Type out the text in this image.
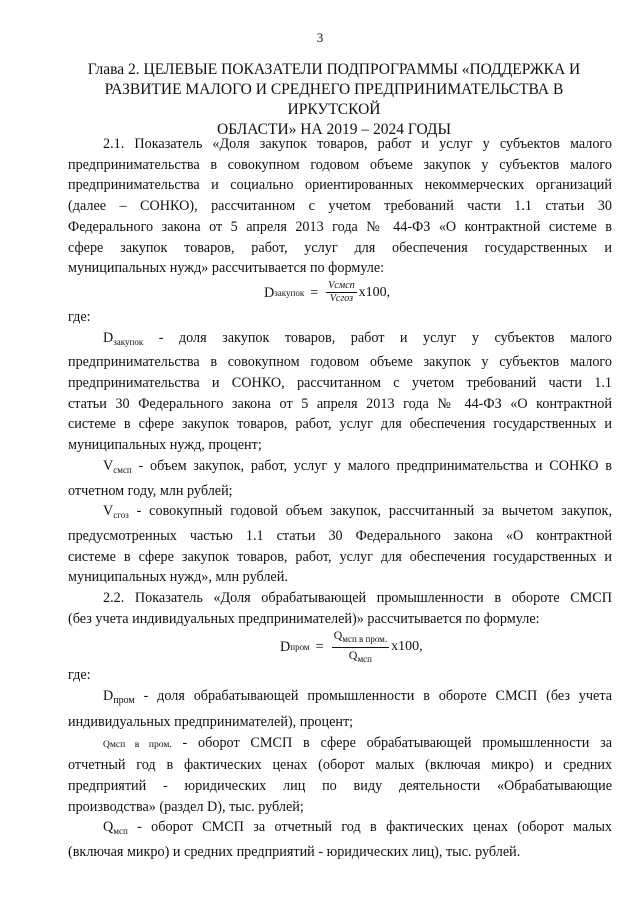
3
Глава 2. ЦЕЛЕВЫЕ ПОКАЗАТЕЛИ ПОДПРОГРАММЫ «ПОДДЕРЖКА И
РАЗВИТИЕ МАЛОГО И СРЕДНЕГО ПРЕДПРИНИМАТЕЛЬСТВА В ИРКУТСКОЙ
ОБЛАСТИ» НА 2019 – 2024 ГОДЫ

2.1. Показатель «Доля закупок товаров, работ и услуг у субъектов малого
предпринимательства в совокупном годовом объеме закупок у субъектов малого
предпринимательства и социально ориентированных некоммерческих организаций
(далее – СОНКО), рассчитанном с учетом требований части 1.1 статьи 30
Федерального закона от 5 апреля 2013 года № 44-ФЗ «О контрактной системе в
сфере закупок товаров, работ, услуг для обеспечения государственных и
муниципальных нужд» рассчитывается по формуле:

D закупок = $\frac{\text{Vсмсп}}{\text{Vсгоз}} x100$,

где:

$D_{закупок}$ - доля закупок товаров, работ и услуг у субъектов малого
предпринимательства в совокупном годовом объеме закупок у субъектов малого
предпринимательства и СОНКО, рассчитанном с учетом требований части 1.1
статьи 30 Федерального закона от 5 апреля 2013 года № 44-ФЗ «О контрактной
системе в сфере закупок товаров, работ, услуг для обеспечения государственных и
муниципальных нужд, процент;

$V_{смсп}$ - объем закупок, работ, услуг у малого предпринимательства и СОНКО в
отчетном году, млн рублей;

$V_{сгоз}$ - совокупный годовой объем закупок, рассчитанный за вычетом закупок,
предусмотренных частью 1.1 статьи 30 Федерального закона «О контрактной
системе в сфере закупок товаров, работ, услуг для обеспечения государственных и
муниципальных нужд», млн рублей.

2.2. Показатель «Доля обрабатывающей промышленности в обороте СМСП
(без учета индивидуальных предпринимателей)» рассчитывается по формуле:

D пром = $\frac{Q_{мсп в пром.}}{Q_{мсп}} x100$,

где:

$D_{пром}$ - доля обрабатывающей промышленности в обороте СМСП (без учета
индивидуальных предпринимателей), процент;

Qмсп в пром. - оборот СМСП в сфере обрабатывающей промышленности за
отчетный год в фактических ценах (оборот малых (включая микро) и средних
предприятий - юридических лиц по виду деятельности «Обрабатывающие
производства» (раздел D), тыс. рублей;

$Q_{мсп}$ - оборот СМСП за отчетный год в фактических ценах (оборот малых
(включая микро) и средних предприятий - юридических лиц), тыс. рублей.
